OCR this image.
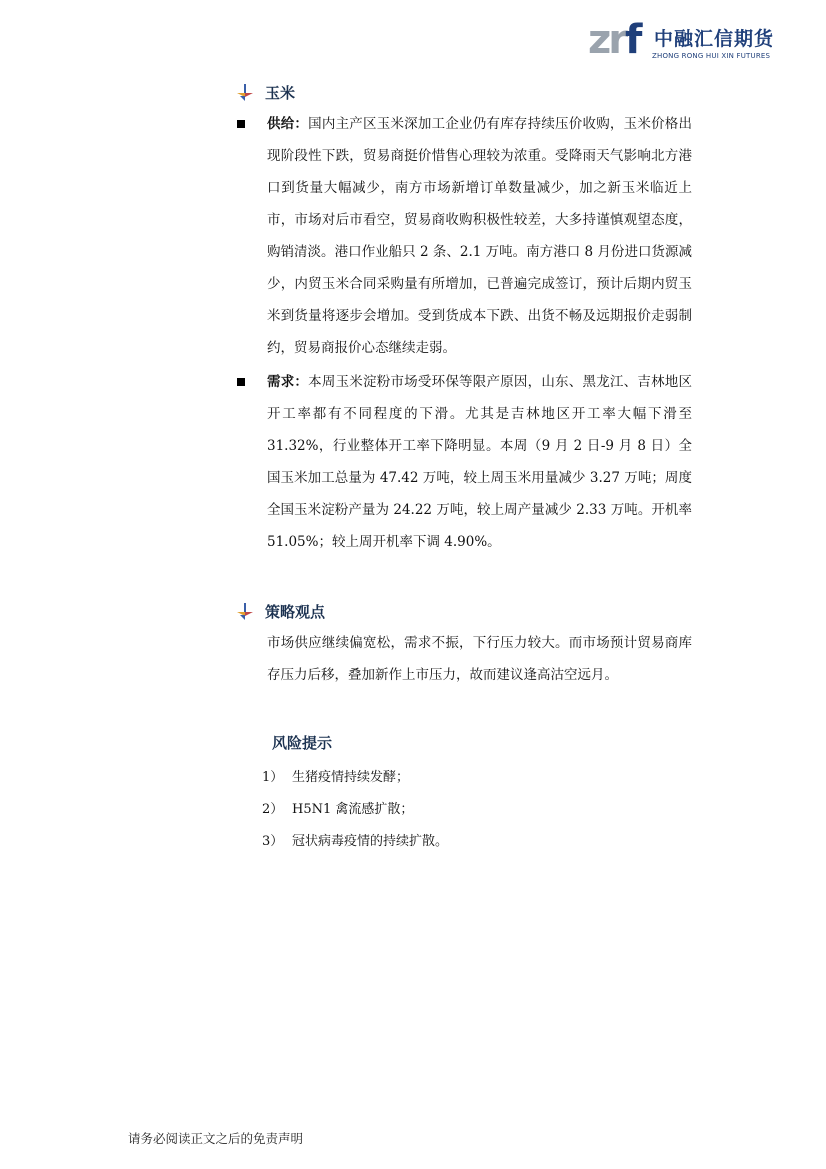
zrf 中融汇信期货
ZHONG RONG HUI XIN FUTURES
玉米
供给：国内主产区玉米深加工企业仍有库存持续压价收购，玉米价格出现阶段性下跌，贸易商挺价惜售心理较为浓重。受降雨天气影响北方港口到货量大幅减少，南方市场新增订单数量减少，加之新玉米临近上市，市场对后市看空，贸易商收购积极性较差，大多持谨慎观望态度，购销清淡。港口作业船只 2 条、2.1 万吨。南方港口 8 月份进口货源减少，内贸玉米合同采购量有所增加，已普遍完成签订，预计后期内贸玉米到货量将逐步会增加。受到货成本下跌、出货不畅及远期报价走弱制约，贸易商报价心态继续走弱。
需求：本周玉米淀粉市场受环保等限产原因，山东、黑龙江、吉林地区开工率都有不同程度的下滑。尤其是吉林地区开工率大幅下滑至 31.32%，行业整体开工率下降明显。本周（9 月 2 日-9 月 8 日）全国玉米加工总量为 47.42 万吨，较上周玉米用量减少 3.27 万吨；周度全国玉米淀粉产量为 24.22 万吨，较上周产量减少 2.33 万吨。开机率 51.05%；较上周开机率下调 4.90%。
策略观点
市场供应继续偏宽松，需求不振，下行压力较大。而市场预计贸易商库存压力后移，叠加新作上市压力，故而建议逢高沽空远月。
风险提示
1） 生猪疫情持续发酵；
2） H5N1 禽流感扩散；
3） 冠状病毒疫情的持续扩散。
请务必阅读正文之后的免责声明
